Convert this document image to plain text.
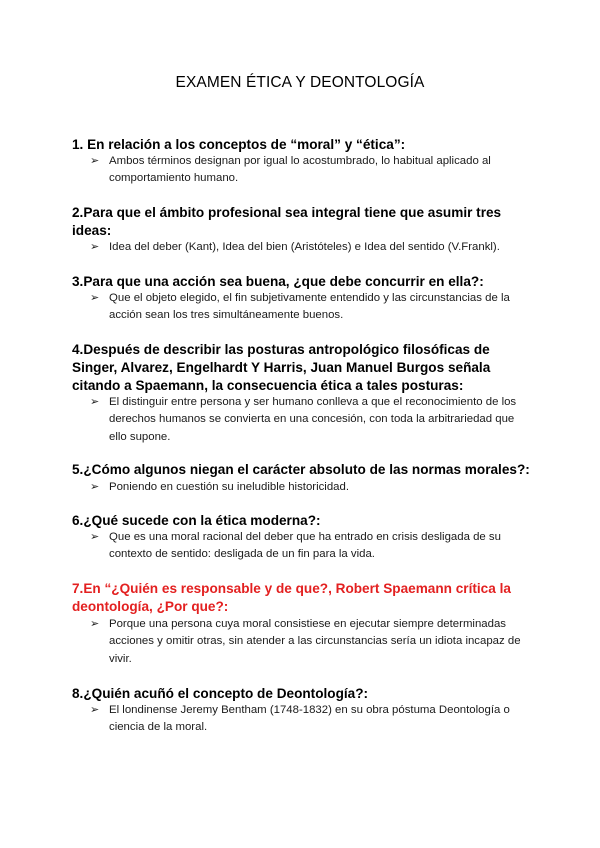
EXAMEN ÉTICA Y DEONTOLOGÍA
1. En relación a los conceptos de “moral” y “ética”:
➢ Ambos términos designan por igual lo acostumbrado, lo habitual aplicado al comportamiento humano.
2.Para que el ámbito profesional sea integral tiene que asumir tres ideas:
➢ Idea del deber (Kant), Idea del bien (Aristóteles) e Idea del sentido (V.Frankl).
3.Para que una acción sea buena, ¿que debe concurrir en ella?:
➢ Que el objeto elegido, el fin subjetivamente entendido y las circunstancias de la acción sean los tres simultáneamente buenos.
4.Después de describir las posturas antropológico filosóficas de Singer, Alvarez, Engelhardt Y Harris, Juan Manuel Burgos señala citando a Spaemann, la consecuencia ética a tales posturas:
➢ El distinguir entre persona y ser humano conlleva a que el reconocimiento de los derechos humanos se convierta en una concesión, con toda la arbitrariedad que ello supone.
5.¿Cómo algunos niegan el carácter absoluto de las normas morales?:
➢ Poniendo en cuestión su ineludible historicidad.
6.¿Qué sucede con la ética moderna?:
➢ Que es una moral racional del deber que ha entrado en crisis desligada de su contexto de sentido: desligada de un fin para la vida.
7.En “¿Quién es responsable y de que?, Robert Spaemann crítica la deontología, ¿Por que?:
➢ Porque una persona cuya moral consistiese en ejecutar siempre determinadas acciones y omitir otras, sin atender a las circunstancias sería un idiota incapaz de vivir.
8.¿Quién acuñó el concepto de Deontología?:
➢ El londinense Jeremy Bentham (1748-1832) en su obra póstuma Deontología o ciencia de la moral.
